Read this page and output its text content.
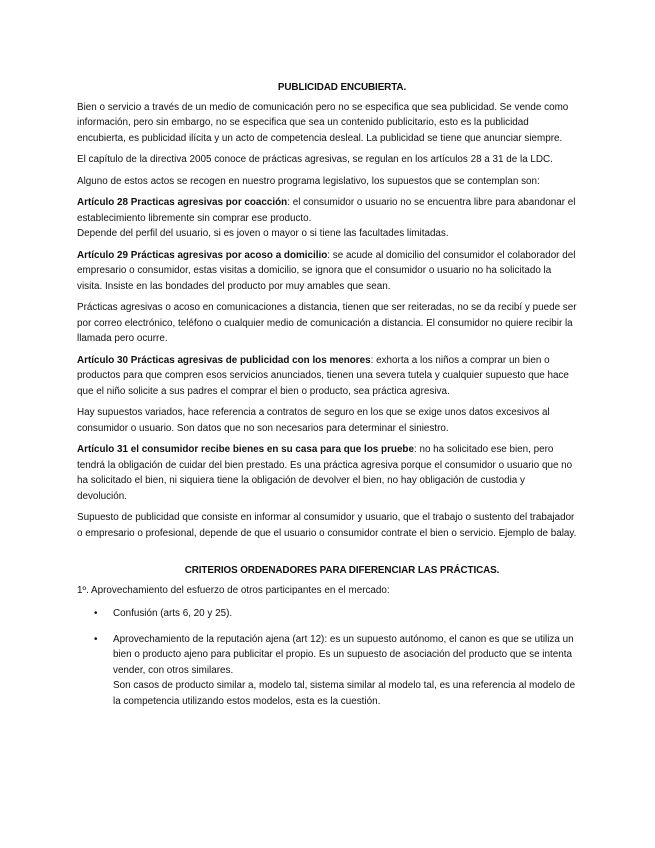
PUBLICIDAD ENCUBIERTA.

Bien o servicio a través de un medio de comunicación pero no se especifica que sea publicidad. Se vende como información, pero sin embargo, no se especifica que sea un contenido publicitario, esto es la publicidad encubierta, es publicidad ilícita y un acto de competencia desleal. La publicidad se tiene que anunciar siempre.

El capítulo de la directiva 2005 conoce de prácticas agresivas, se regulan en los artículos 28 a 31 de la LDC.

Alguno de estos actos se recogen en nuestro programa legislativo, los supuestos que se contemplan son:

Artículo 28 Practicas agresivas por coacción: el consumidor o usuario no se encuentra libre para abandonar el establecimiento libremente sin comprar ese producto.
Depende del perfil del usuario, si es joven o mayor o si tiene las facultades limitadas.

Artículo 29 Prácticas agresivas por acoso a domicilio: se acude al domicilio del consumidor el colaborador del empresario o consumidor, estas visitas a domicilio, se ignora que el consumidor o usuario no ha solicitado la visita. Insiste en las bondades del producto por muy amables que sean.

Prácticas agresivas o acoso en comunicaciones a distancia, tienen que ser reiteradas, no se da recibí y puede ser por correo electrónico, teléfono o cualquier medio de comunicación a distancia. El consumidor no quiere recibir la llamada pero ocurre.

Artículo 30 Prácticas agresivas de publicidad con los menores: exhorta a los niños a comprar un bien o productos para que compren esos servicios anunciados, tienen una severa tutela y cualquier supuesto que hace que el niño solicite a sus padres el comprar el bien o producto, sea práctica agresiva.

Hay supuestos variados, hace referencia a contratos de seguro en los que se exige unos datos excesivos al consumidor o usuario. Son datos que no son necesarios para determinar el siniestro.

Artículo 31 el consumidor recibe bienes en su casa para que los pruebe: no ha solicitado ese bien, pero tendrá la obligación de cuidar del bien prestado. Es una práctica agresiva porque el consumidor o usuario que no ha solicitado el bien, ni siquiera tiene la obligación de devolver el bien, no hay obligación de custodia y devolución.

Supuesto de publicidad que consiste en informar al consumidor y usuario, que el trabajo o sustento del trabajador o empresario o profesional, depende de que el usuario o consumidor contrate el bien o servicio. Ejemplo de balay.

CRITERIOS ORDENADORES PARA DIFERENCIAR LAS PRÁCTICAS.

1º. Aprovechamiento del esfuerzo de otros participantes en el mercado:

• Confusión (arts 6, 20 y 25).
• Aprovechamiento de la reputación ajena (art 12): es un supuesto autónomo, el canon es que se utiliza un bien o producto ajeno para publicitar el propio. Es un supuesto de asociación del producto que se intenta vender, con otros similares.
Son casos de producto similar a, modelo tal, sistema similar al modelo tal, es una referencia al modelo de la competencia utilizando estos modelos, esta es la cuestión.
